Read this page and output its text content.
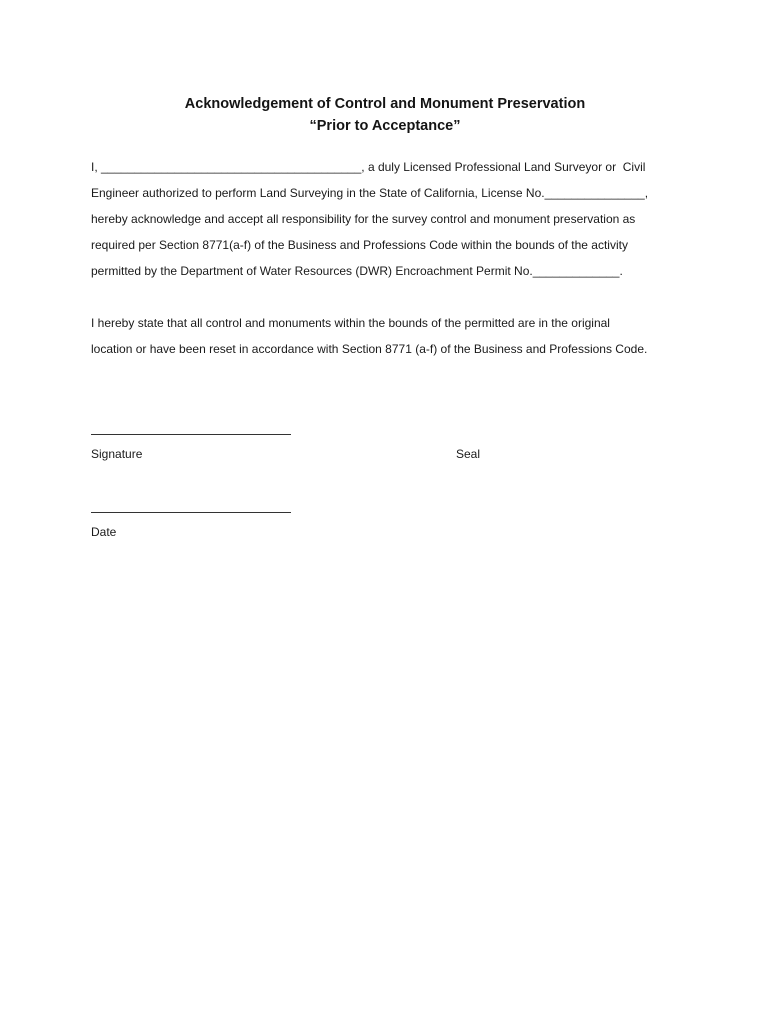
Acknowledgement of Control and Monument Preservation
“Prior to Acceptance”
I, _______________________________________, a duly Licensed Professional Land Surveyor or  Civil
Engineer authorized to perform Land Surveying in the State of California, License No._______________,
hereby acknowledge and accept all responsibility for the survey control and monument preservation as
required per Section 8771(a-f) of the Business and Professions Code within the bounds of the activity
permitted by the Department of Water Resources (DWR) Encroachment Permit No._____________.
I hereby state that all control and monuments within the bounds of the permitted are in the original
location or have been reset in accordance with Section 8771 (a-f) of the Business and Professions Code.
Signature	Seal
Date
